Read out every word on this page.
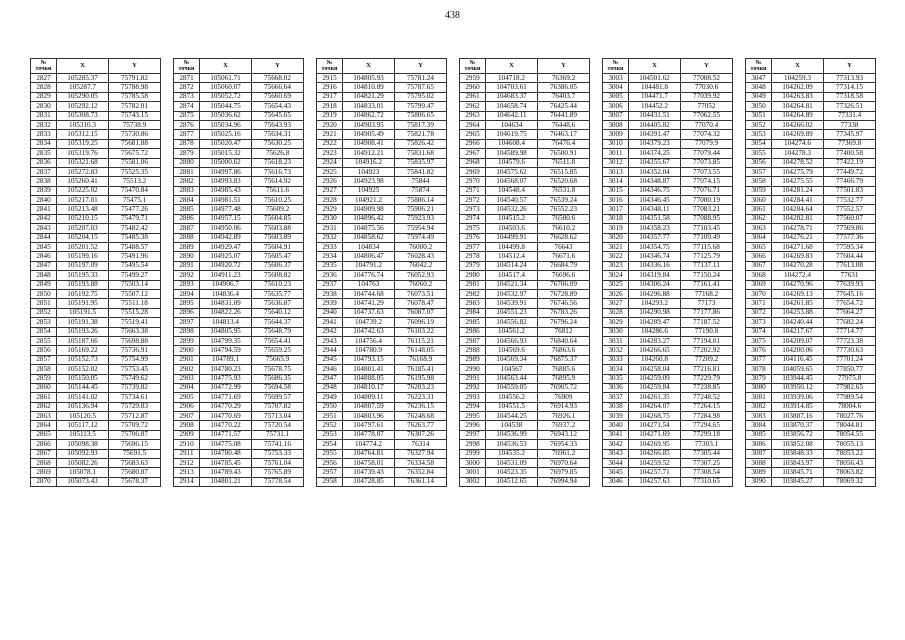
438
№
точки	X	Y
2827	105285.37	75791.82
2828	105287.7	75788.98
2829	105290.05	75785.58
2830	105292.12	75782.01
2831	105308.73	75743.15
2832	105310.3	75738.9
2833	105312.15	75730.86
2834	105319.25	75681.88
2835	105319.76	75675.72
2836	105321.68	75581.06
2837	105272.83	75525.35
2838	105260.41	75513.2
2839	105225.02	75470.84
2840	105217.01	75475.1
2841	105213.48	75477.26
2842	105210.15	75479.71
2843	105207.03	75482.42
2844	105204.15	75485.38
2845	105201.52	75488.57
2846	105199.16	75491.96
2847	105197.09	75495.54
2848	105195.33	75499.27
2849	105193.88	75503.14
2850	105192.75	75507.12
2851	105191.95	75511.18
2852	105191.5	75515.28
2853	105191.38	75519.41
2854	105193.26	75663.38
2855	105187.66	75698.88
2856	105169.22	75736.91
2857	105152.73	75754.99
2858	105152.02	75753.45
2859	105150.05	75749.62
2860	105144.45	75739.82
2861	105141.02	75734.61
2862	105136.94	75729.83
2863	105120.5	75712.87
2864	105117.12	75709.72
2865	105113.5	75706.87
2866	105098.38	75696.15
2867	105092.93	75691.5
2868	105082.26	75683.63
2869	105078.1	75680.87
2870	105073.43	75678.37
№
точки	X	Y
2871	105061.71	75668.02
2872	105060.07	75666.64
2873	105052.72	75660.69
2874	105044.75	75654.43
2875	105036.62	75645.65
2876	105034.96	75643.93
2877	105025.16	75634.31
2878	105020.47	75630.25
2879	105015.32	75626.8
2880	105000.62	75618.23
2881	104997.86	75616.73
2882	104993.83	75614.92
2883	104985.43	75611.6
2884	104981.51	75610.25
2885	104977.48	75609.2
2886	104957.15	75604.85
2887	104950.06	75603.88
2888	104942.89	75603.89
2889	104929.47	75604.91
2890	104925.07	75605.47
2891	104920.72	75606.37
2892	104911.23	75608.82
2893	104906.7	75610.23
2894	104836.4	75635.77
2895	104831.09	75636.87
2896	104822.26	75640.12
2897	104813.4	75644.37
2898	104805.95	75648.79
2899	104799.35	75654.41
2900	104794.59	75659.25
2901	104789.1	75665.9
2902	104780.23	75678.75
2903	104775.93	75686.35
2904	104772.99	75694.58
2905	104771.69	75699.57
2906	104770.29	75707.82
2907	104770.69	75713.04
2908	104770.22	75720.54
2909	104771.57	75731.1
2910	104775.08	75741.16
2911	104780.48	75753.33
2912	104785.45	75761.04
2913	104789.43	75765.89
2914	104801.21	75778.54
№
точки	X	Y
2915	104805.93	75781.24
2916	104810.89	75787.65
2917	104821.29	75795.02
2918	104833.01	75799.47
2919	104862.72	75806.65
2920	104903.95	75817.39
2921	104905.49	75821.78
2922	104908.41	75826.42
2923	104912.21	75831.68
2924	104916.2	75835.97
2925	104923	75841.82
2926	104923.98	75844
2927	104925	75874
2928	104921.2	75886.14
2929	104909.98	75906.21
2930	104896.42	75923.93
2931	104875.56	75954.94
2932	104858.62	75974.49
2933	104834	76000.2
2934	104806.47	76028.43
2935	104791.2	76042.2
2936	104776.74	76052.93
2937	104763	76060.2
2938	104744.68	76073.51
2939	104741.29	76078.47
2940	104737.63	76087.07
2941	104739.2	76096.19
2942	104742.63	76103.22
2943	104756.4	76115.21
2944	104780.9	76148.05
2945	104793.15	76168.9
2946	104801.41	76185.41
2947	104808.05	76195.98
2948	104810.17	76203.23
2949	104809.11	76223.31
2950	104807.59	76236.15
2951	104803.96	76248.68
2952	104797.61	76263.77
2953	104778.87	76307.26
2954	104774.2	76314
2955	104764.81	76327.94
2956	104758.01	76334.58
2957	104739.43	76352.84
2958	104728.85	76361.14
№
точки	X	Y
2959	104718.2	76369.2
2960	104703.61	76386.05
2961	104683.37	76403.7
2962	104658.74	76425.44
2963	104642.11	76441.89
2964	104634	76448.6
2965	104619.75	76463.17
2966	104608.4	76476.4
2967	104589.98	76500.91
2968	104579.6	76511.8
2969	104575.62	76515.85
2970	104568.07	76520.68
2971	104548.4	76531.8
2972	104540.57	76539.24
2973	104532.26	76552.23
2974	104515.2	76580.6
2975	104503.6	76610.2
2976	104499.91	76628.62
2977	104499.8	76643
2978	104512.4	76671.6
2979	104514.24	76684.79
2980	104517.4	76696.6
2981	104521.34	76706.09
2982	104532.97	76728.89
2983	104539.91	76746.56
2984	104551.23	76783.26
2985	104556.82	76796.24
2986	104561.2	76812
2987	104566.93	76840.64
2988	104569.6	76863.6
2989	104569.34	76875.37
2990	104567	76885.6
2991	104563.44	76895.9
2992	104559.05	76905.72
2993	104556.2	76909
2994	104551.5	76914.93
2995	104544.25	76926.1
2996	104538	76937.2
2997	104536.99	76943.12
2998	104536.53	76954.33
2999	104535.2	76961.2
3000	104531.09	76970.64
3001	104523.35	76979.85
3002	104512.65	76994.94
№
точки	X	Y
3003	104501.62	77008.52
3004	104481.8	77030.6
3005	104471.7	77039.92
3006	104452.2	77052
3007	104431.51	77062.55
3008	104405.82	77070.4
3009	104391.47	77074.32
3010	104379.23	77079.9
3011	104374.25	77079.44
3012	104355.67	77073.85
3013	104352.04	77073.55
3014	104348.87	77074.15
3015	104346.75	77076.71
3016	104346.45	77080.19
3017	104348.11	77083.21
3018	104351.58	77088.95
3019	104358.23	77103.45
3020	104357.77	77109.49
3021	104354.75	77115.68
3022	104346.74	77125.79
3023	104336.16	77137.11
3024	104319.84	77150.24
3025	104306.24	77161.41
3026	104296.88	77168.2
3027	104293.2	77173
3028	104290.98	77177.86
3029	104289.47	77187.52
3030	104286.6	77190.8
3031	104283.27	77194.01
3032	104266.65	77202.92
3033	104260.8	77209.2
3034	104258.04	77216.81
3035	104259.09	77229.79
3036	104259.84	77238.85
3037	104261.35	77248.52
3038	104264.07	77264.15
3039	104268.75	77284.98
3040	104271.54	77294.65
3041	104271.69	77299.18
3042	104269.95	77303.1
3043	104266.85	77305.44
3044	104259.52	77307.25
3045	104257.71	77308.54
3046	104257.63	77310.65
№
точки	X	Y
3047	104259.3	77313.93
3048	104262.09	77314.15
3049	104263.83	77318.58
3050	104264.81	77326.51
3051	104264.89	77331.4
3052	104266.02	77338
3053	104269.89	77345.97
3054	104274.6	77369.8
3055	104278.3	77400.58
3056	104278.52	77422.19
3057	104275.79	77449.72
3058	104275.55	77466.79
3059	104281.24	77501.83
3060	104284.41	77532.77
3061	104284.64	77552.57
3062	104282.81	77560.07
3063	104278.71	77569.86
3064	104276.21	77577.36
3065	104271.68	77595.34
3066	104269.83	77604.44
3067	104270.28	77613.08
3068	104272.4	77631
3069	104270.96	77639.93
3070	104269.13	77645.16
3071	104261.85	77654.72
3072	104253.88	77664.27
3073	104240.44	77682.24
3074	104217.67	77714.77
3075	104209.07	77723.38
3076	104200.06	77730.63
3077	104116.45	77701.24
3078	104059.65	77850.77
3079	103944.45	77975.8
3080	103950.12	77982.65
3081	103939.06	77989.54
3082	103914.85	78004.6
3083	103887.16	78027.76
3084	103870.37	78044.81
3085	103856.72	78054.55
3086	103852.08	78055.13
3087	103848.33	78053.22
3088	103843.97	78056.43
3089	103845.71	78063.82
3090	103845.27	78069.32
